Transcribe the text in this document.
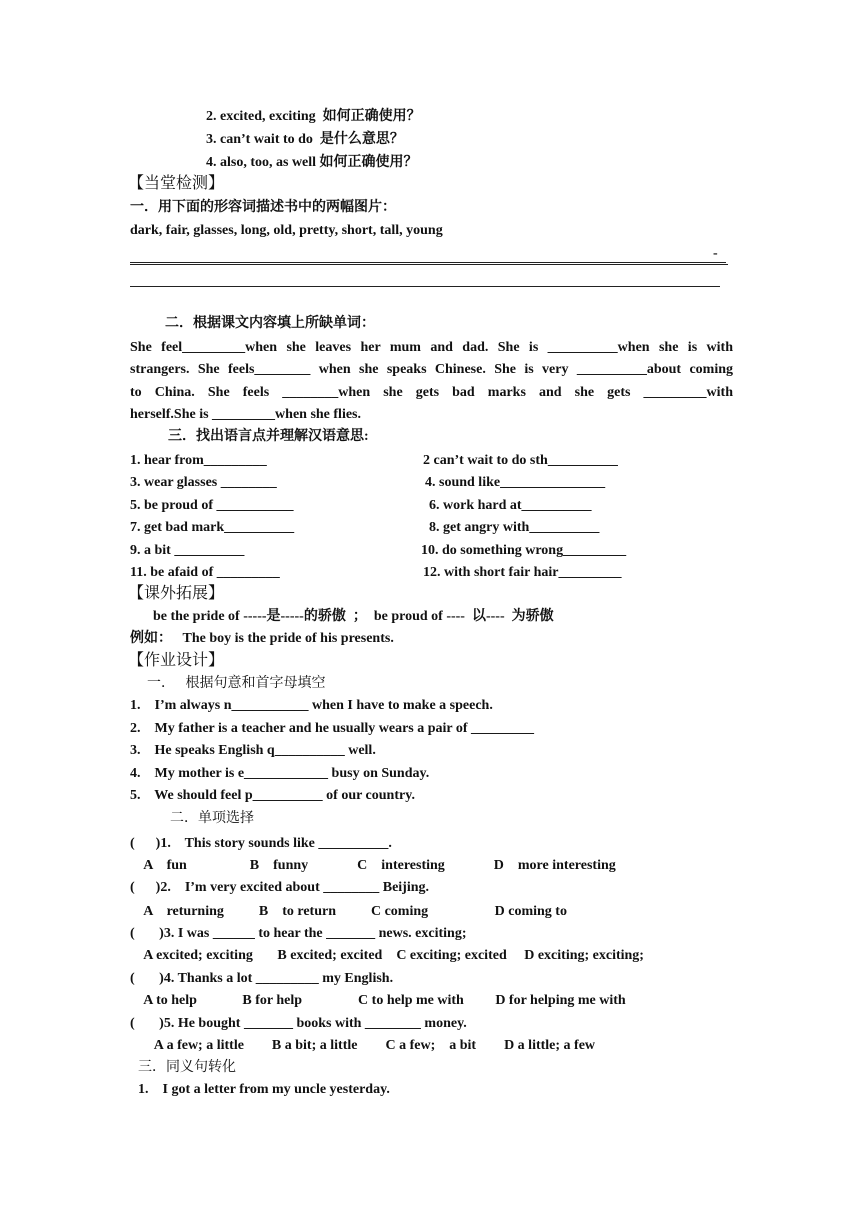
2. excited, exciting  如何正确使用？
3. can’t wait to do  是什么意思？
4. also, too, as well 如何正确使用？
【当堂检测】
一．用下面的形容词描述书中的两幅图片：
dark, fair, glasses, long, old, pretty, short, tall, young
-
二．根据课文内容填上所缺单词：
She feel_________when she leaves her mum and dad. She is __________when she is with
strangers. She feels________ when she speaks Chinese. She is very __________about coming
to China. She feels ________when she gets bad marks and she gets _________with
herself.She is _________when she flies.
三．找出语言点并理解汉语意思:
1. hear from_________	2 can’t wait to do sth__________
3. wear glasses ________	4. sound like_______________
5. be proud of ___________	6. work hard at__________
7. get bad mark__________	8. get angry with__________
9. a bit __________	10. do something wrong_________
11. be afaid of _________	12. with short fair hair_________
【课外拓展】
be the pride of -----是-----的骄傲  ；  be proud of ----  以----  为骄傲
例如：   The boy is the pride of his presents.
【作业设计】
一．   根据句意和首字母填空
1.    I’m always n___________ when I have to make a speech.
2.    My father is a teacher and he usually wears a pair of _________
3.    He speaks English q__________ well.
4.    My mother is e____________ busy on Sunday.
5.    We should feel p__________ of our country.
二．单项选择
(      )1.    This story sounds like __________.
A    fun                  B    funny              C    interesting              D    more interesting
(      )2.    I’m very excited about ________ Beijing.
A    returning          B    to return          C coming                   D coming to
(       )3. I was ______ to hear the _______ news. exciting;
A excited; exciting       B excited; excited    C exciting; excited     D exciting; exciting;
(       )4. Thanks a lot _________ my English.
A to help             B for help                C to help me with         D for helping me with
(       )5. He bought _______ books with ________ money.
A a few; a little        B a bit; a little        C a few;    a bit        D a little; a few
三．同义句转化
1.    I got a letter from my uncle yesterday.
